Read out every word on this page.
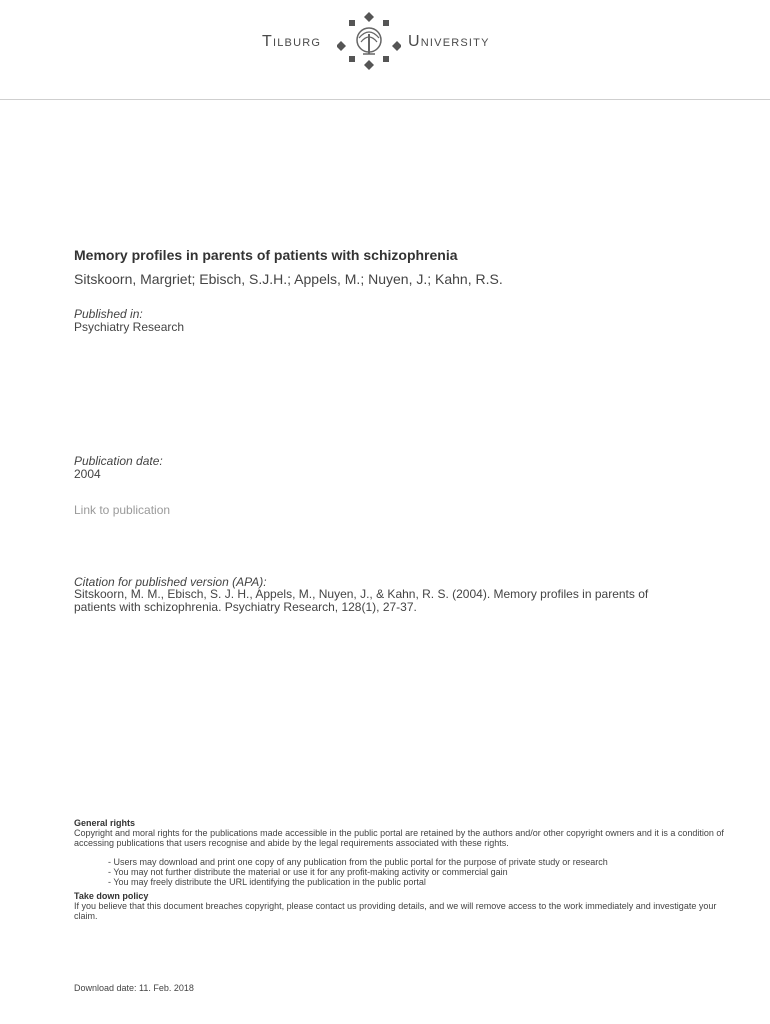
Tilburg	University
Memory profiles in parents of patients with schizophrenia
Sitskoorn, Margriet; Ebisch, S.J.H.; Appels, M.; Nuyen, J.; Kahn, R.S.
Published in:
Psychiatry Research
Publication date:
2004
Link to publication
Citation for published version (APA):
Sitskoorn, M. M., Ebisch, S. J. H., Appels, M., Nuyen, J., & Kahn, R. S. (2004). Memory profiles in parents of
patients with schizophrenia. Psychiatry Research, 128(1), 27-37.
General rights
Copyright and moral rights for the publications made accessible in the public portal are retained by the authors and/or other copyright owners and it is a condition of accessing publications that users recognise and abide by the legal requirements associated with these rights.
- Users may download and print one copy of any publication from the public portal for the purpose of private study or research
- You may not further distribute the material or use it for any profit-making activity or commercial gain
- You may freely distribute the URL identifying the publication in the public portal
Take down policy
If you believe that this document breaches copyright, please contact us providing details, and we will remove access to the work immediately and investigate your claim.
Download date: 11. Feb. 2018
